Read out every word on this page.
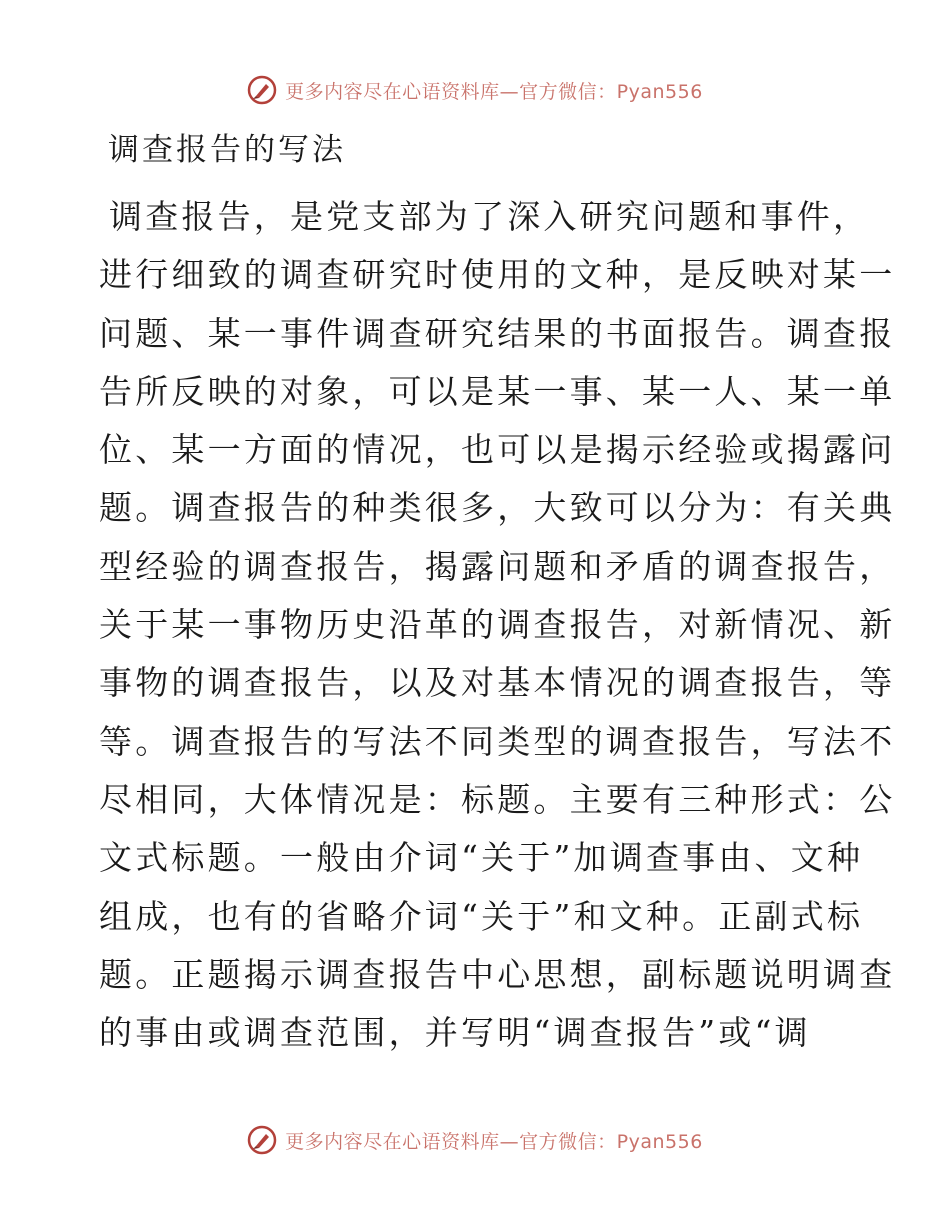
更多内容尽在心语资料库—官方微信：Pyan556
调查报告的写法
调查报告，是党支部为了深入研究问题和事件，
进行细致的调查研究时使用的文种，是反映对某一
问题、某一事件调查研究结果的书面报告。调查报
告所反映的对象，可以是某一事、某一人、某一单
位、某一方面的情况，也可以是揭示经验或揭露问
题。调查报告的种类很多，大致可以分为：有关典
型经验的调查报告，揭露问题和矛盾的调查报告，
关于某一事物历史沿革的调查报告，对新情况、新
事物的调查报告，以及对基本情况的调查报告，等
等。调查报告的写法不同类型的调查报告，写法不
尽相同，大体情况是：标题。主要有三种形式：公
文式标题。一般由介词“关于”加调查事由、文种
组成，也有的省略介词“关于”和文种。正副式标
题。正题揭示调查报告中心思想，副标题说明调查
的事由或调查范围，并写明“调查报告”或“调
更多内容尽在心语资料库—官方微信：Pyan556
